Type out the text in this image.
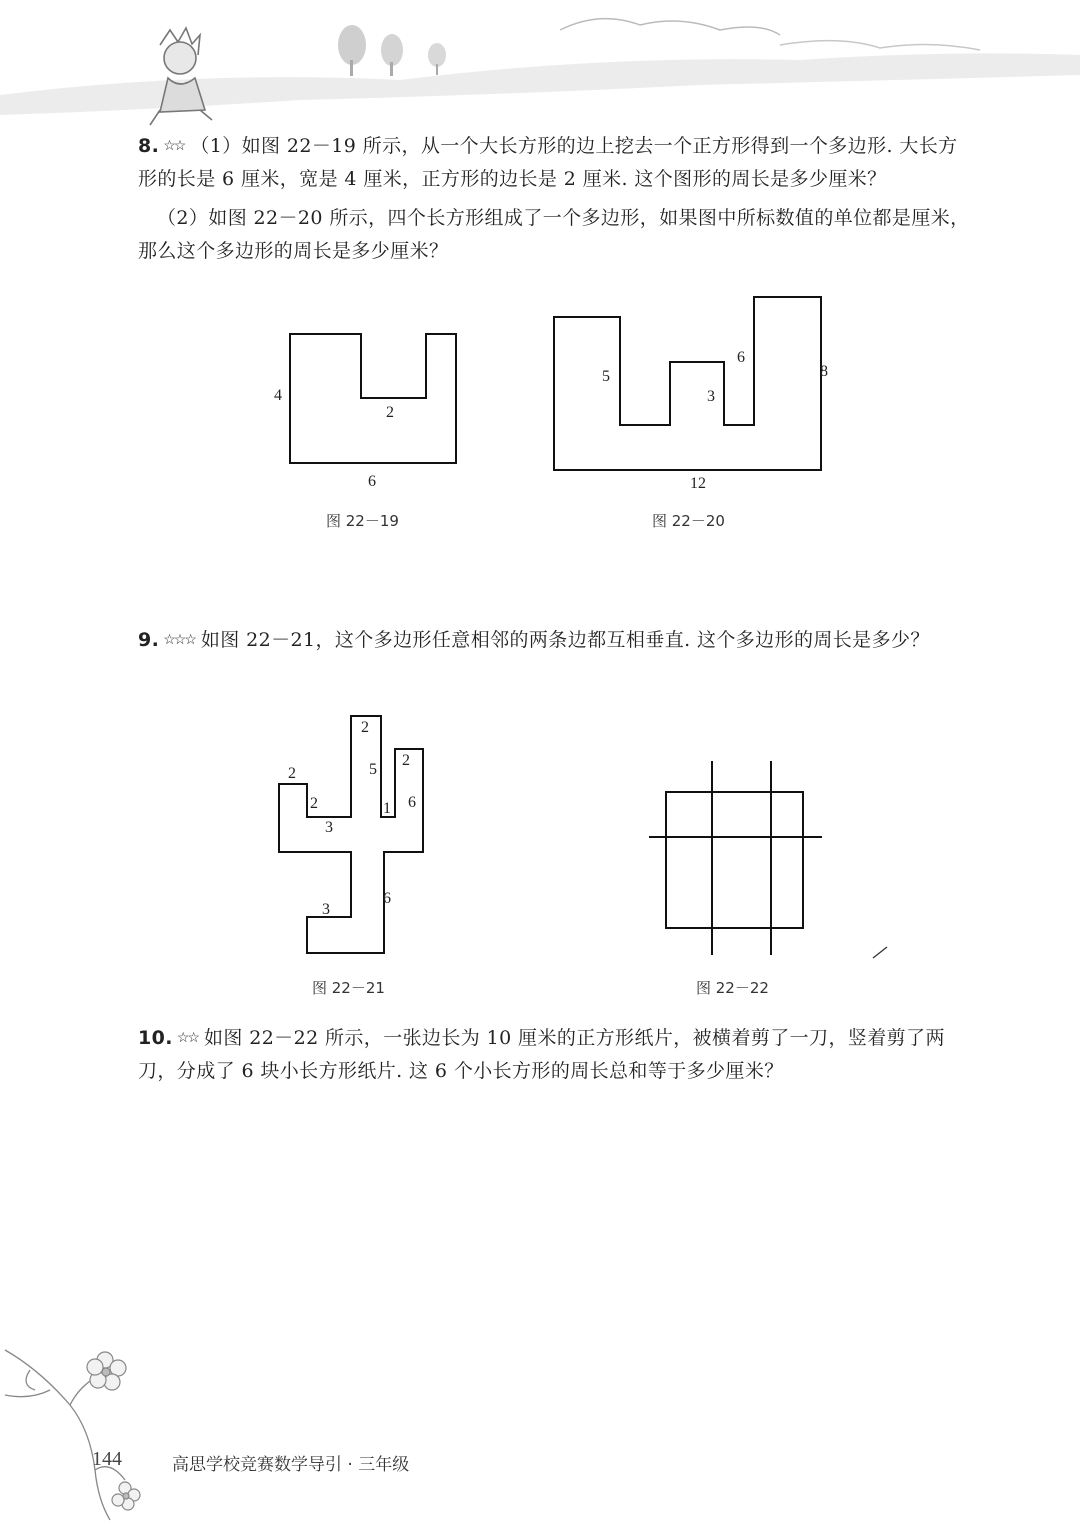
8. ☆☆ （1）如图 22－19 所示，从一个大长方形的边上挖去一个正方形得到一个多边形. 大长方形的长是 6 厘米，宽是 4 厘米，正方形的边长是 2 厘米. 这个图形的周长是多少厘米？
（2）如图 22－20 所示，四个长方形组成了一个多边形，如果图中所标数值的单位都是厘米，那么这个多边形的周长是多少厘米？
4
2
6
图 22－19
5
3
6
8
12
图 22－20
9. ☆☆☆ 如图 22－21，这个多边形任意相邻的两条边都互相垂直. 这个多边形的周长是多少？
2
5
2
1 6
2
2
3
3
6
图 22－21	图 22－22
10. ☆☆ 如图 22－22 所示，一张边长为 10 厘米的正方形纸片，被横着剪了一刀，竖着剪了两刀，分成了 6 块小长方形纸片. 这 6 个小长方形的周长总和等于多少厘米？
144	高思学校竞赛数学导引 · 三年级
